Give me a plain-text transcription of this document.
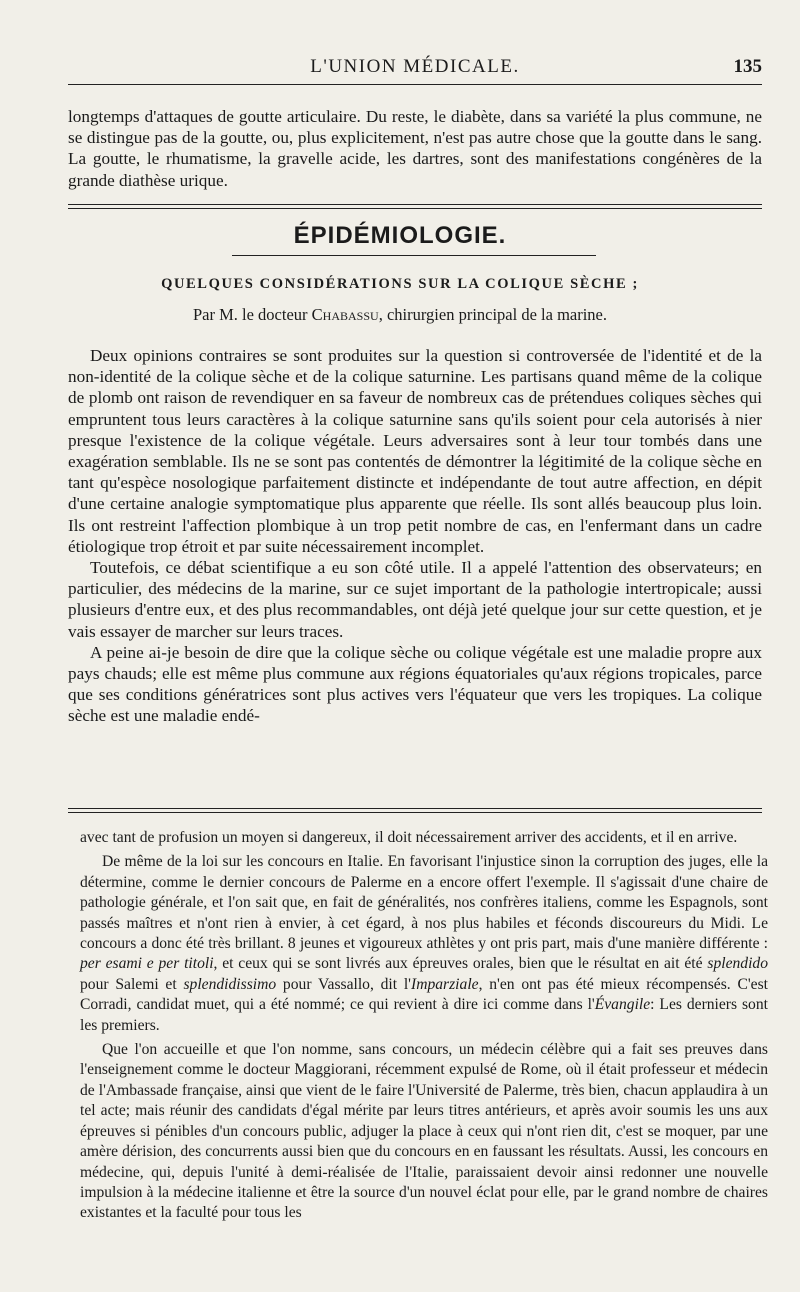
L'UNION MÉDICALE.	135

longtemps d'attaques de goutte articulaire. Du reste, le diabète, dans sa variété la plus commune, ne se distingue pas de la goutte, ou, plus explicitement, n'est pas autre chose que la goutte dans le sang. La goutte, le rhumatisme, la gravelle acide, les dartres, sont des manifestations congénères de la grande diathèse urique.

ÉPIDÉMIOLOGIE.
QUELQUES CONSIDÉRATIONS SUR LA COLIQUE SÈCHE ;
Par M. le docteur Chabassu, chirurgien principal de la marine.

Deux opinions contraires se sont produites sur la question si controversée de l'identité et de la non-identité de la colique sèche et de la colique saturnine. Les partisans quand même de la colique de plomb ont raison de revendiquer en sa faveur de nombreux cas de prétendues coliques sèches qui empruntent tous leurs caractères à la colique saturnine sans qu'ils soient pour cela autorisés à nier presque l'existence de la colique végétale. Leurs adversaires sont à leur tour tombés dans une exagération semblable. Ils ne se sont pas contentés de démontrer la légitimité de la colique sèche en tant qu'espèce nosologique parfaitement distincte et indépendante de tout autre affection, en dépit d'une certaine analogie symptomatique plus apparente que réelle. Ils sont allés beaucoup plus loin. Ils ont restreint l'affection plombique à un trop petit nombre de cas, en l'enfermant dans un cadre étiologique trop étroit et par suite nécessairement incomplet.

Toutefois, ce débat scientifique a eu son côté utile. Il a appelé l'attention des observateurs; en particulier, des médecins de la marine, sur ce sujet important de la pathologie intertropicale; aussi plusieurs d'entre eux, et des plus recommandables, ont déjà jeté quelque jour sur cette question, et je vais essayer de marcher sur leurs traces.

A peine ai-je besoin de dire que la colique sèche ou colique végétale est une maladie propre aux pays chauds; elle est même plus commune aux régions équatoriales qu'aux régions tropicales, parce que ses conditions génératrices sont plus actives vers l'équateur que vers les tropiques. La colique sèche est une maladie endé-

avec tant de profusion un moyen si dangereux, il doit nécessairement arriver des accidents, et il en arrive.

De même de la loi sur les concours en Italie. En favorisant l'injustice sinon la corruption des juges, elle la détermine, comme le dernier concours de Palerme en a encore offert l'exemple. Il s'agissait d'une chaire de pathologie générale, et l'on sait que, en fait de généralités, nos confrères italiens, comme les Espagnols, sont passés maîtres et n'ont rien à envier, à cet égard, à nos plus habiles et féconds discoureurs du Midi. Le concours a donc été très brillant. 8 jeunes et vigoureux athlètes y ont pris part, mais d'une manière différente : per esami e per titoli, et ceux qui se sont livrés aux épreuves orales, bien que le résultat en ait été splendido pour Salemi et splendidissimo pour Vassallo, dit l'Imparziale, n'en ont pas été mieux récompensés. C'est Corradi, candidat muet, qui a été nommé; ce qui revient à dire ici comme dans l'Évangile: Les derniers sont les premiers.

Que l'on accueille et que l'on nomme, sans concours, un médecin célèbre qui a fait ses preuves dans l'enseignement comme le docteur Maggiorani, récemment expulsé de Rome, où il était professeur et médecin de l'Ambassade française, ainsi que vient de le faire l'Université de Palerme, très bien, chacun applaudira à un tel acte; mais réunir des candidats d'égal mérite par leurs titres antérieurs, et après avoir soumis les uns aux épreuves si pénibles d'un concours public, adjuger la place à ceux qui n'ont rien dit, c'est se moquer, par une amère dérision, des concurrents aussi bien que du concours en en faussant les résultats. Aussi, les concours en médecine, qui, depuis l'unité à demi-réalisée de l'Italie, paraissaient devoir ainsi redonner une nouvelle impulsion à la médecine italienne et être la source d'un nouvel éclat pour elle, par le grand nombre de chaires existantes et la faculté pour tous les
